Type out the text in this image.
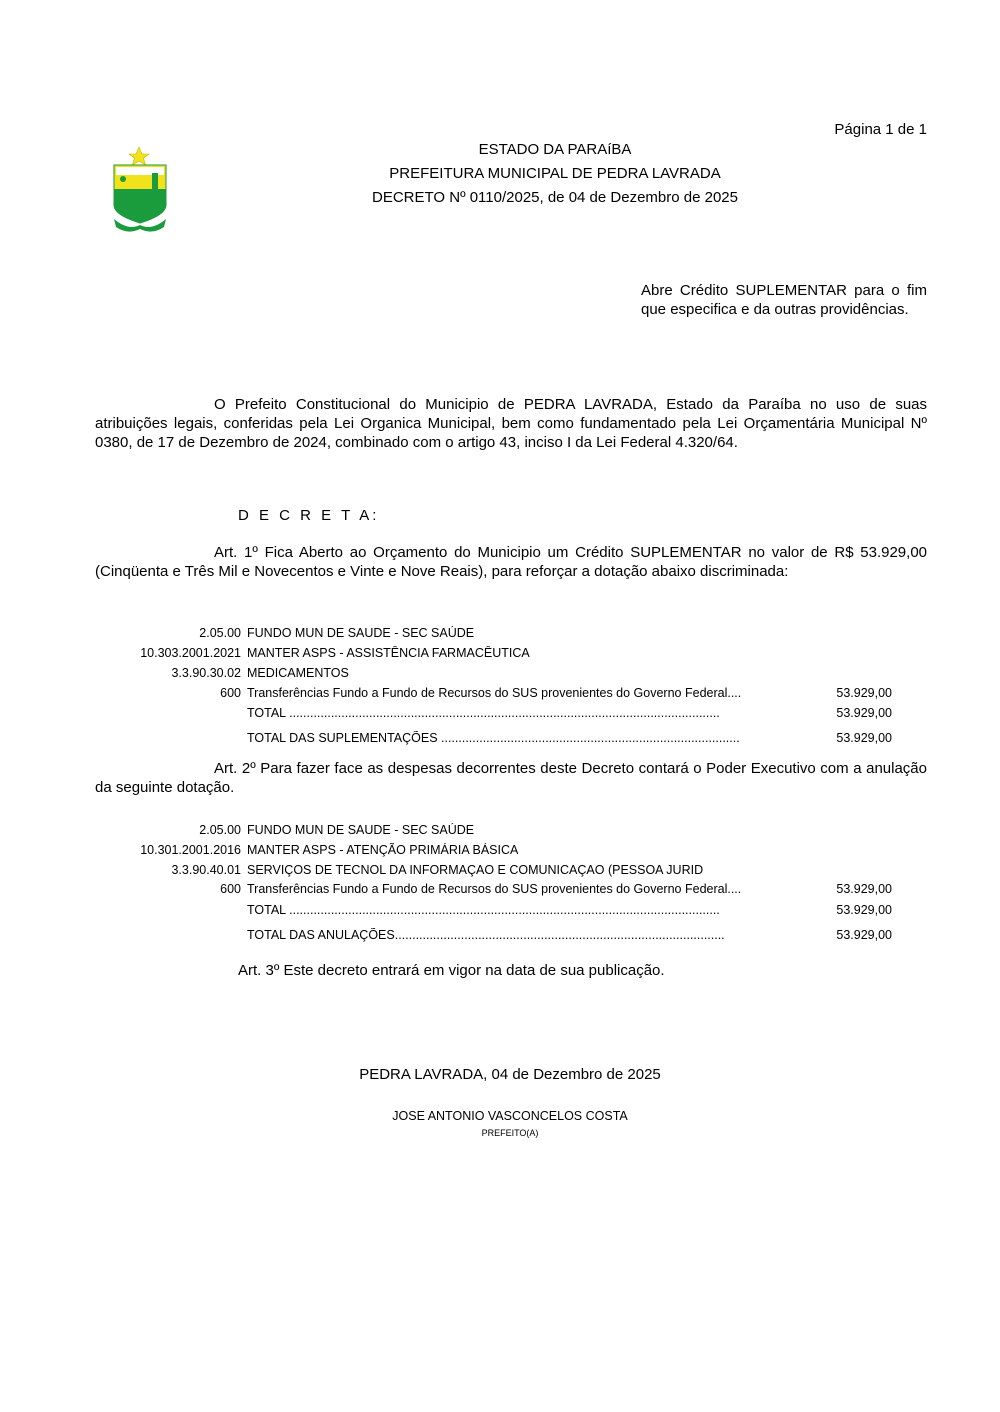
Página 1 de 1
ESTADO DA PARAíBA
PREFEITURA MUNICIPAL DE PEDRA LAVRADA
DECRETO Nº 0110/2025, de 04 de Dezembro de 2025
Abre Crédito SUPLEMENTAR para o fim que especifica e da outras providências.
O Prefeito Constitucional do Municipio de PEDRA LAVRADA, Estado da Paraíba no uso de suas atribuições legais, conferidas pela Lei Organica Municipal, bem como fundamentado pela Lei Orçamentária Municipal Nº 0380, de 17 de Dezembro de 2024, combinado com o artigo 43, inciso I da Lei Federal 4.320/64.
D E C R E T A:
Art. 1º Fica Aberto ao Orçamento do Municipio um Crédito SUPLEMENTAR no valor de R$ 53.929,00 (Cinqüenta e Três Mil e Novecentos e Vinte e Nove Reais), para reforçar a dotação abaixo discriminada:
2.05.00 FUNDO MUN DE SAUDE - SEC SAÚDE
10.303.2001.2021 MANTER ASPS - ASSISTÊNCIA FARMACÊUTICA
3.3.90.30.02 MEDICAMENTOS
600 Transferências Fundo a Fundo de Recursos do SUS provenientes do Governo Federal....	53.929,00
TOTAL ............................................................................................................................	53.929,00
TOTAL DAS SUPLEMENTAÇÕES ......................................................................................	53.929,00
Art. 2º Para fazer face as despesas decorrentes deste Decreto contará o Poder Executivo com a anulação da seguinte dotação.
2.05.00 FUNDO MUN DE SAUDE - SEC SAÚDE
10.301.2001.2016 MANTER ASPS - ATENÇÃO PRIMÁRIA BÁSICA
3.3.90.40.01 SERVIÇOS DE TECNOL DA INFORMAÇAO E COMUNICAÇAO (PESSOA JURID
600 Transferências Fundo a Fundo de Recursos do SUS provenientes do Governo Federal....	53.929,00
TOTAL ............................................................................................................................	53.929,00
TOTAL DAS ANULAÇÕES...............................................................................................	53.929,00
Art. 3º Este decreto entrará em vigor na data de sua publicação.
PEDRA LAVRADA, 04 de Dezembro de 2025
JOSE ANTONIO VASCONCELOS COSTA
PREFEITO(A)
